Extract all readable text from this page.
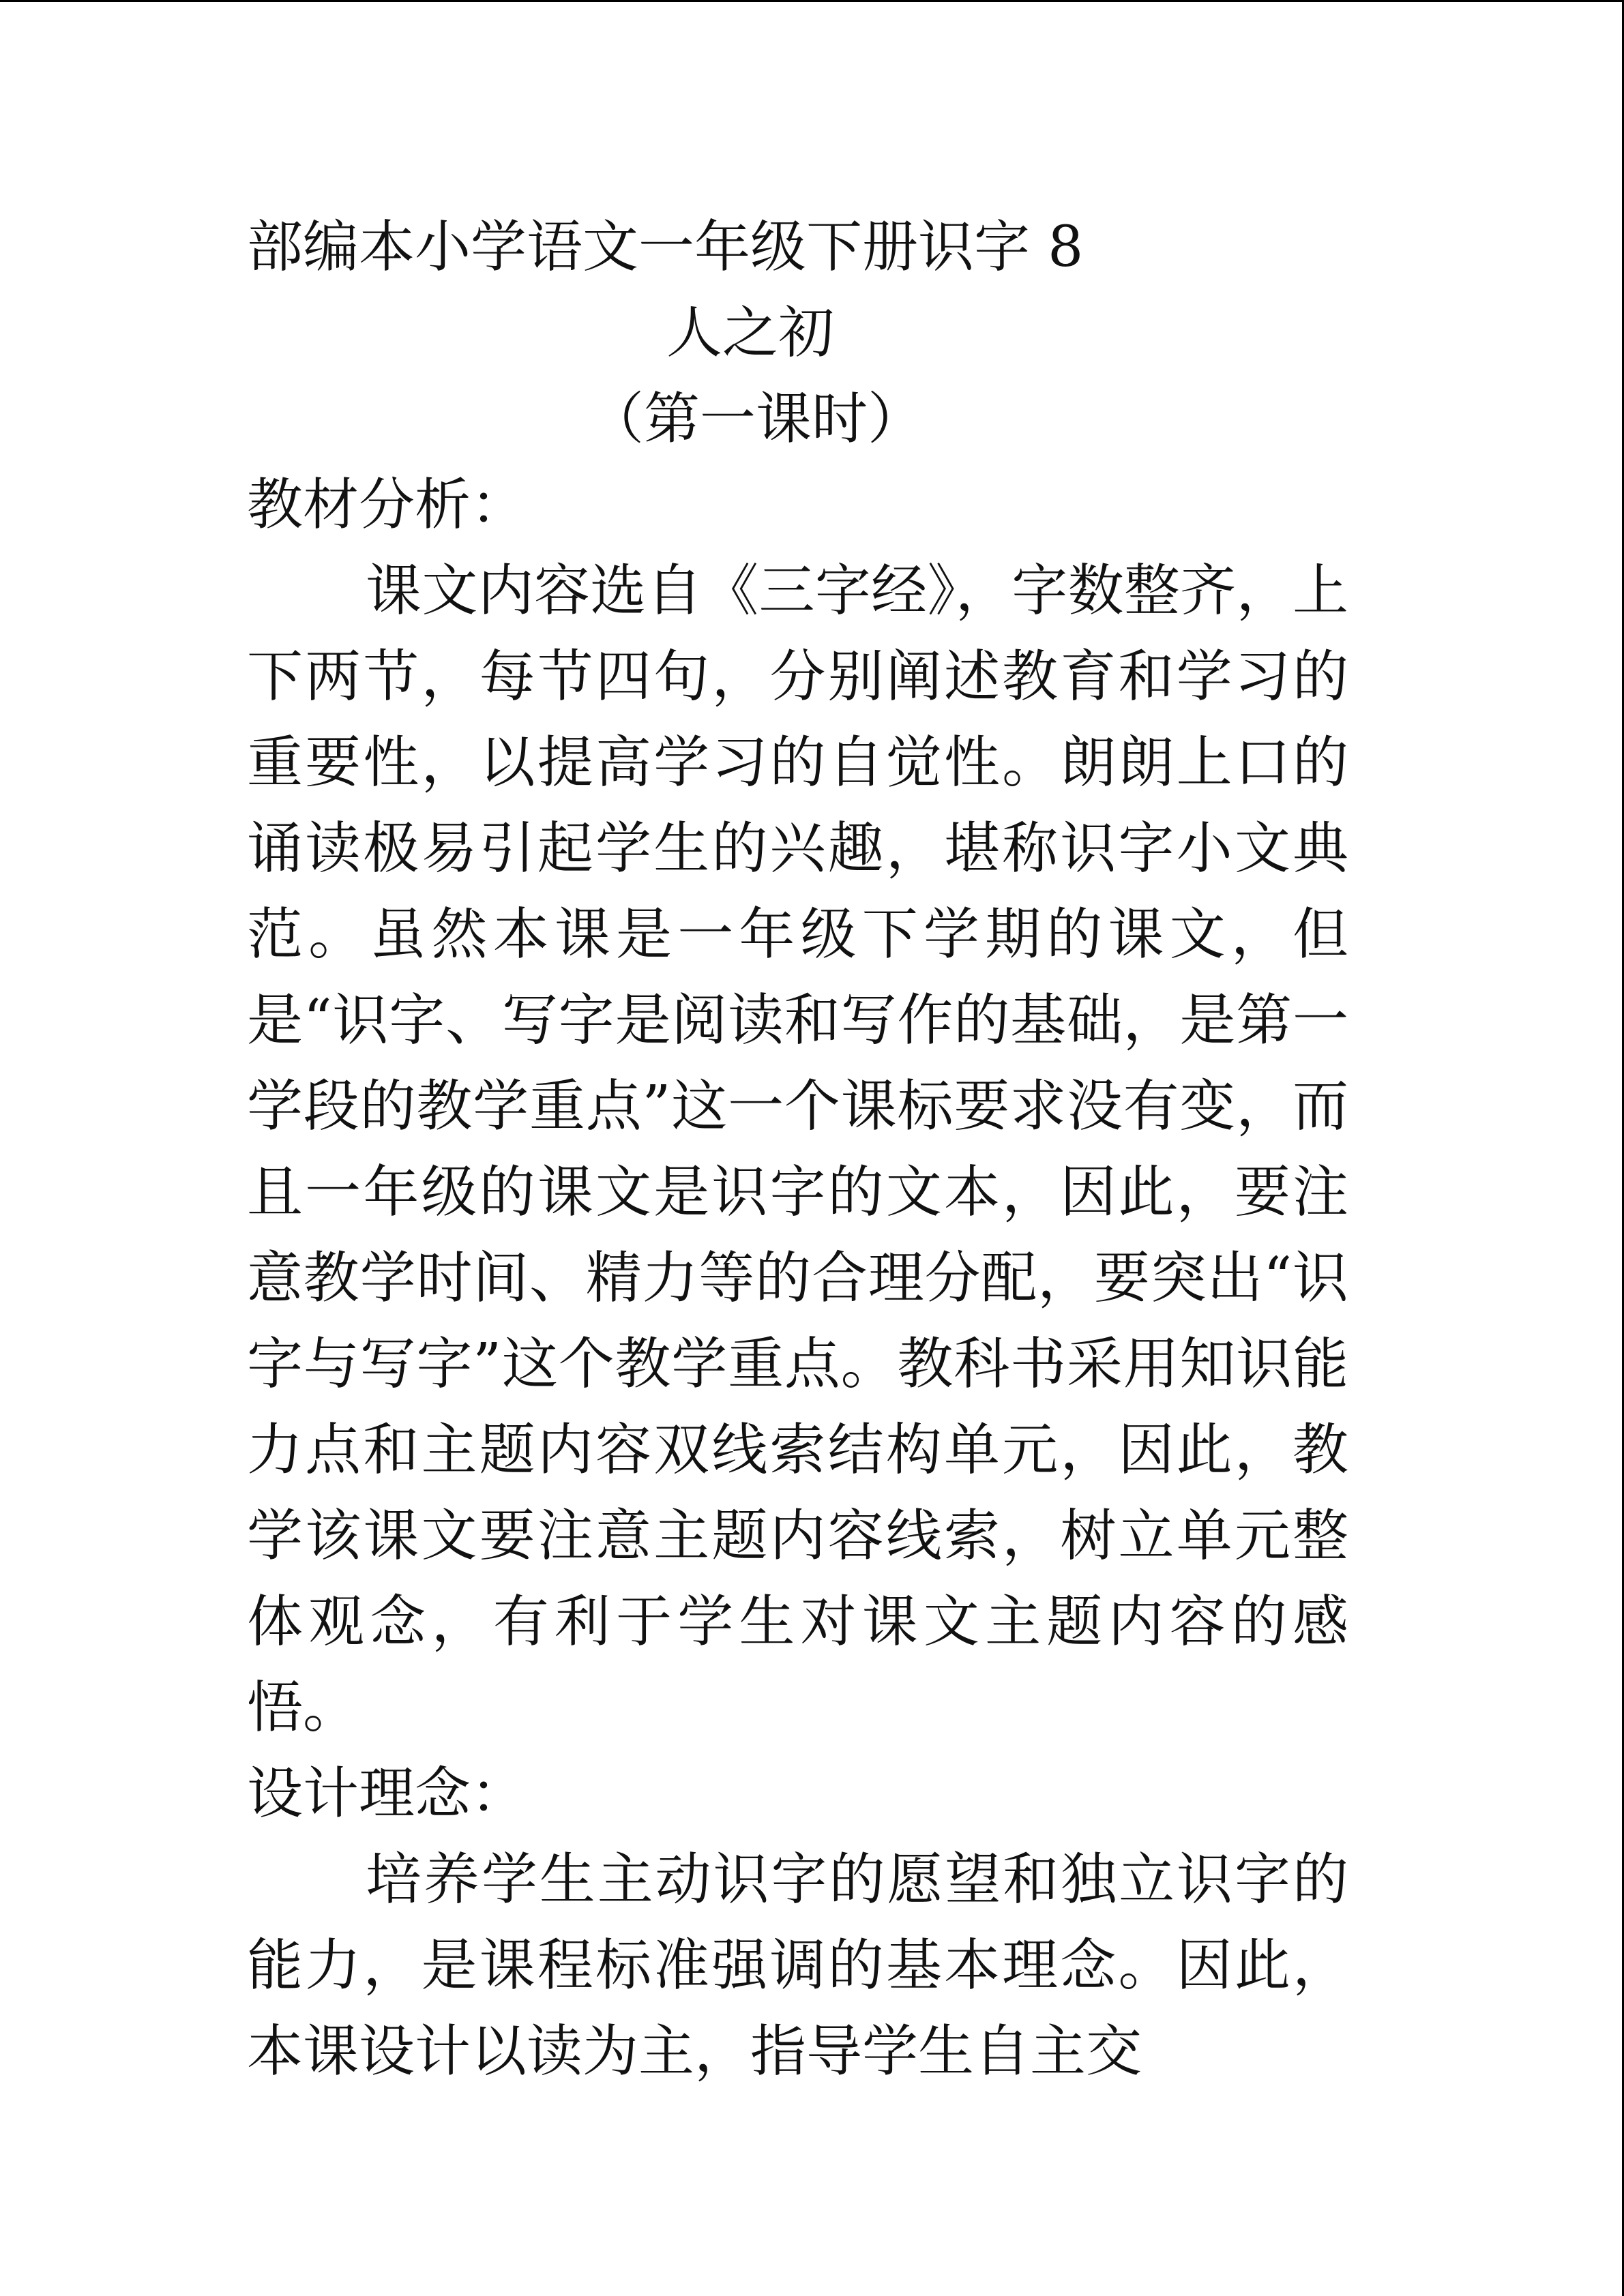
部编本小学语文一年级下册识字 8
人之初
（第一课时）
教材分析：

课文内容选自《三字经》，字数整齐，上下两节，每节四句，分别阐述教育和学习的重要性，以提高学习的自觉性。朗朗上口的诵读极易引起学生的兴趣，堪称识字小文典范。虽然本课是一年级下学期的课文，但是“识字、写字是阅读和写作的基础，是第一学段的教学重点”这一个课标要求没有变，而且一年级的课文是识字的文本，因此，要注意教学时间、精力等的合理分配，要突出“识字与写字”这个教学重点。教科书采用知识能力点和主题内容双线索结构单元，因此，教学该课文要注意主题内容线索，树立单元整体观念，有利于学生对课文主题内容的感悟。

设计理念：

培养学生主动识字的愿望和独立识字的能力，是课程标准强调的基本理念。因此，本课设计以读为主，指导学生自主交
